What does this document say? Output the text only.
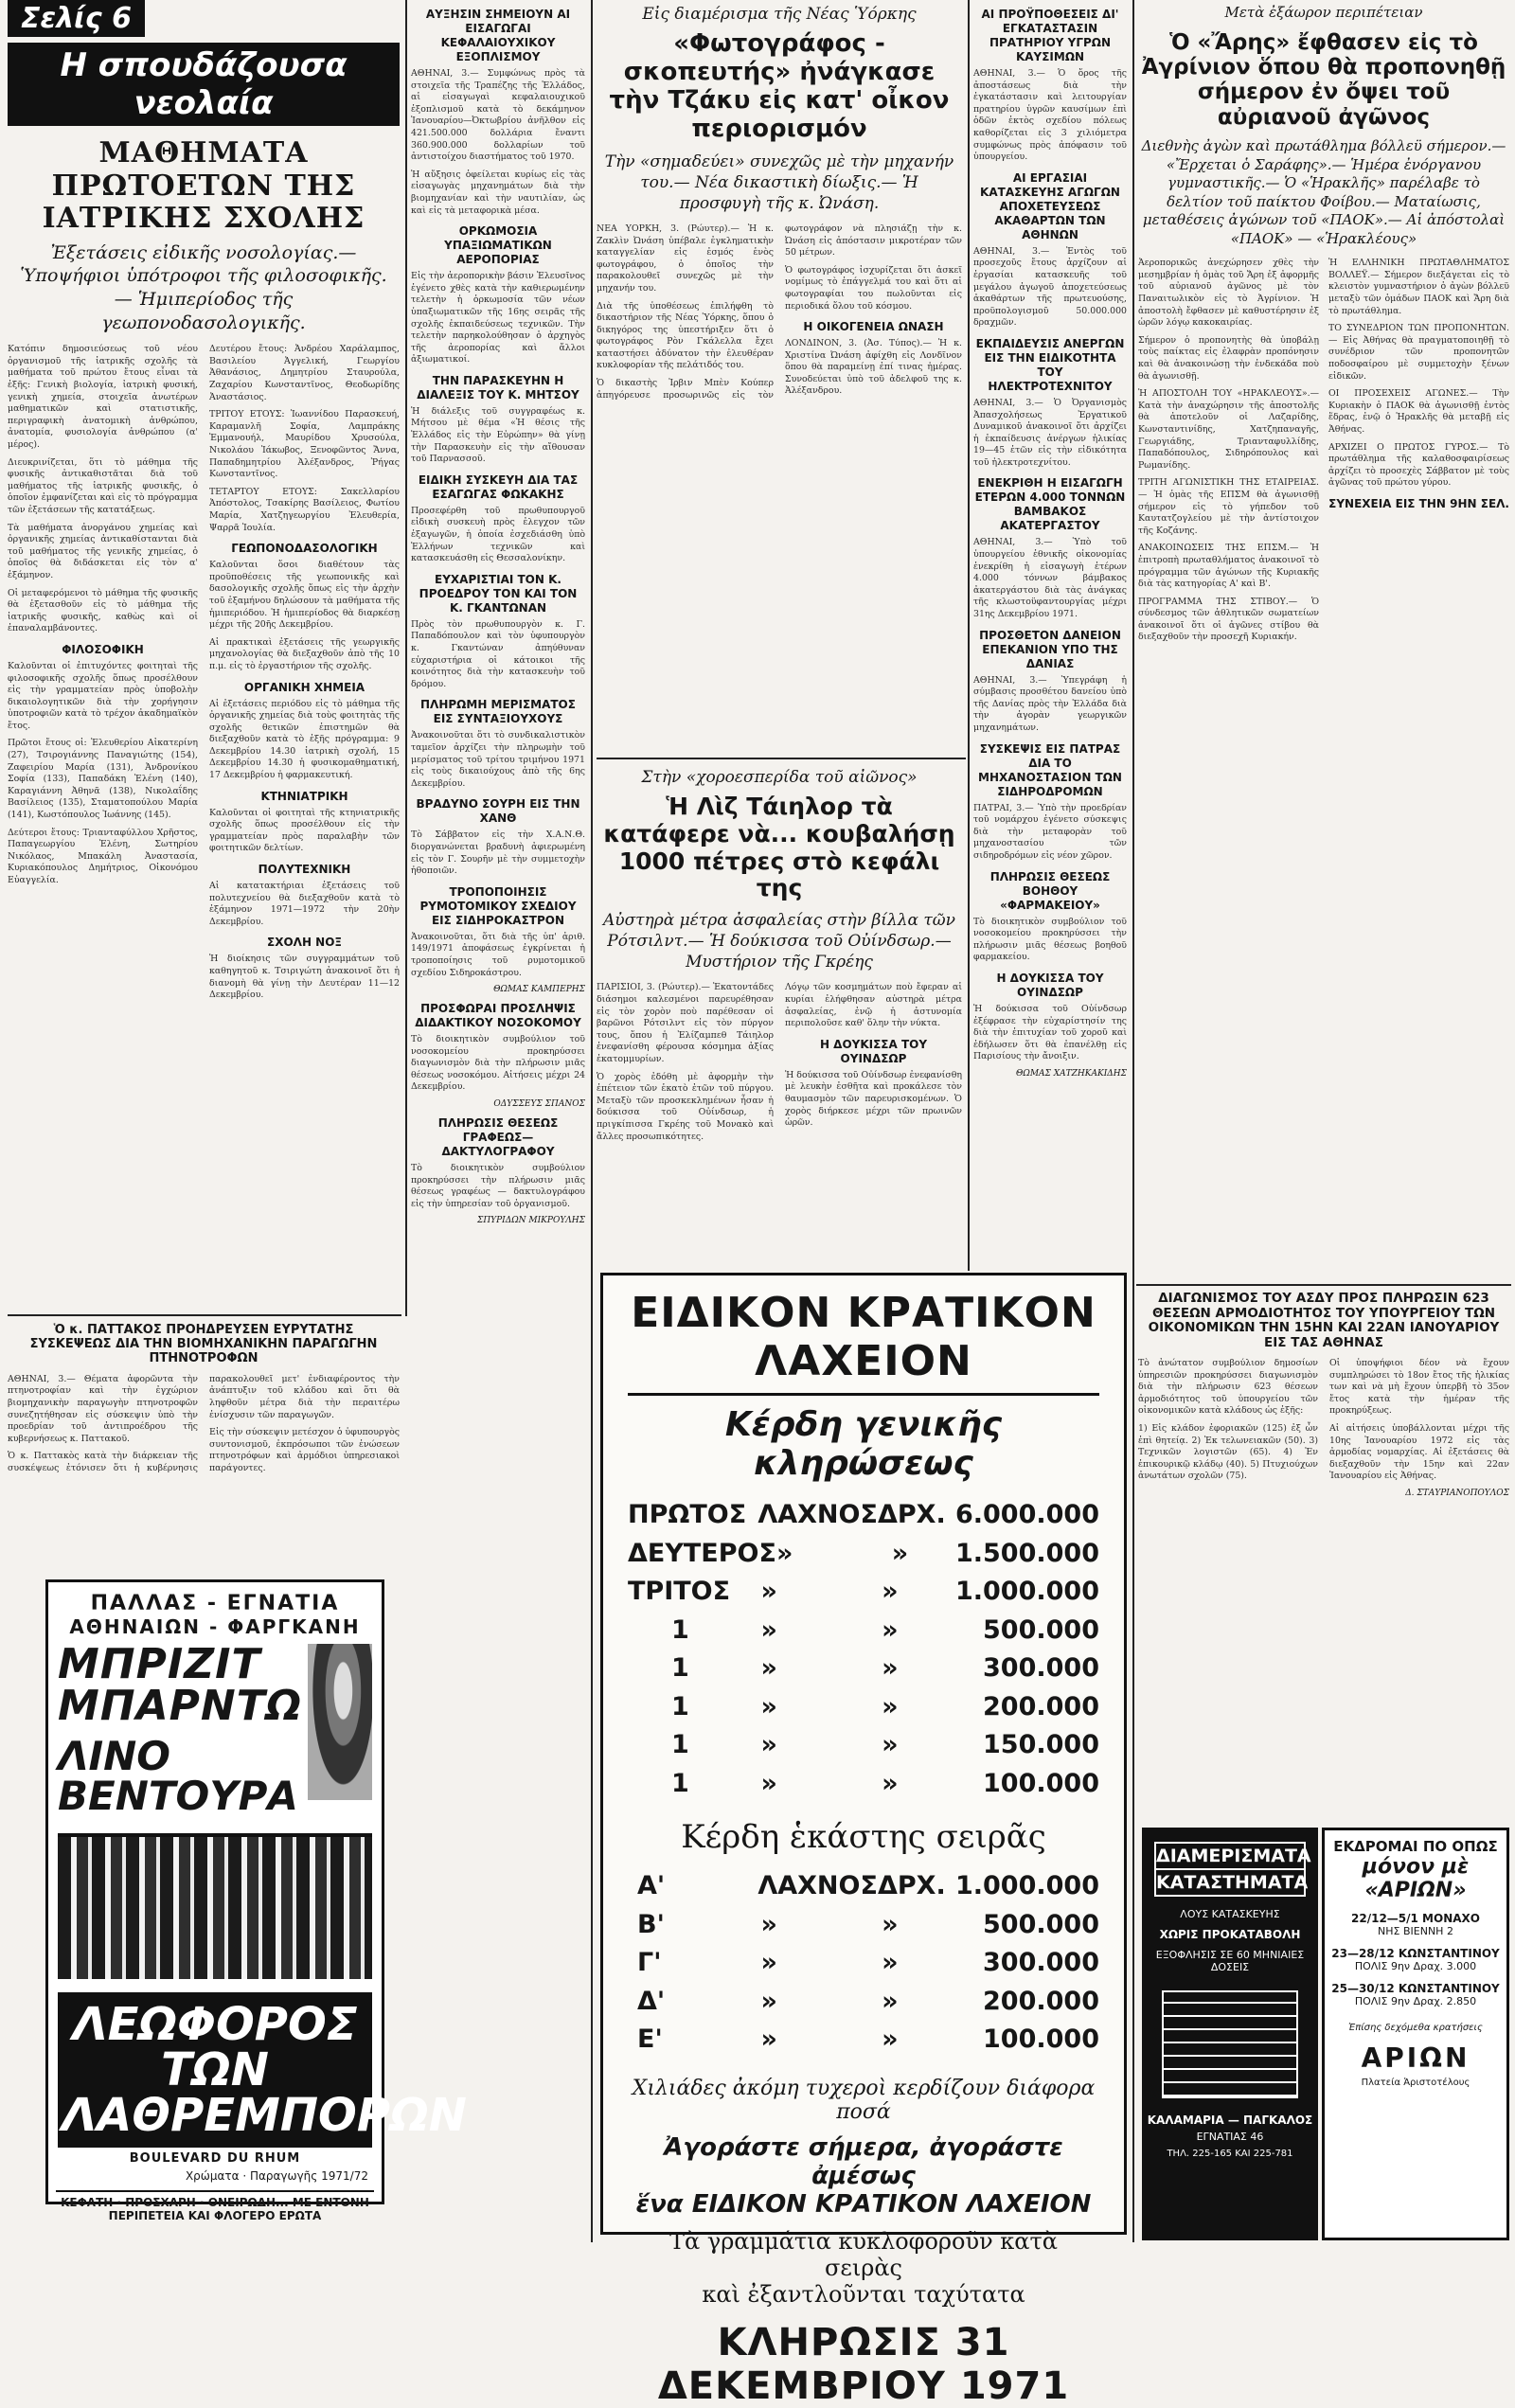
Σελίς 6
Η σπουδάζουσα νεολαία
ΜΑΘΗΜΑΤΑ ΠΡΩΤΟΕΤΩΝ ΤΗΣ ΙΑΤΡΙΚΗΣ ΣΧΟΛΗΣ
Ἐξετάσεις εἰδικῆς νοσολογίας.— Ὑποψήφιοι ὑπότροφοι τῆς φιλοσοφικῆς.— Ἡμιπερίοδος τῆς γεωπονοδασολογικῆς.

Κατόπιν δημοσιεύσεως τοῦ νέου ὀργανισμοῦ τῆς ἰατρικῆς σχολῆς τὰ μαθήματα τοῦ πρώτου ἔτους εἶναι τὰ ἑξῆς: Γενικὴ βιολογία, ἰατρικὴ φυσική, γενικὴ χημεία, στοιχεῖα ἀνωτέρων μαθηματικῶν καὶ στατιστικῆς, περιγραφικὴ ἀνατομικὴ ἀνθρώπου, ἀνατομία, φυσιολογία ἀνθρώπου (α' μέρος).

Διευκρινίζεται, ὅτι τὸ μάθημα τῆς φυσικῆς ἀντικαθιστᾶται διὰ τοῦ μαθήματος τῆς ἰατρικῆς φυσικῆς, ὁ ὁποῖον ἐμφανίζεται καὶ εἰς τὸ πρόγραμμα τῶν ἐξετάσεων τῆς κατατάξεως.

Τὰ μαθήματα ἀνοργάνου χημείας καὶ ὀργανικῆς χημείας ἀντικαθίστανται διὰ τοῦ μαθήματος τῆς γενικῆς χημείας, ὁ ὁποῖος θὰ διδάσκεται εἰς τὸν α' ἑξάμηνον.

Οἱ μεταφερόμενοι τὸ μάθημα τῆς φυσικῆς θὰ ἐξετασθοῦν εἰς τὸ μάθημα τῆς ἰατρικῆς φυσικῆς, καθὼς καὶ οἱ ἐπαναλαμβάνοντες.

ΦΙΛΟΣΟΦΙΚΗ

Καλοῦνται οἱ ἐπιτυχόντες φοιτηταὶ τῆς φιλοσοφικῆς σχολῆς ὅπως προσέλθουν εἰς τὴν γραμματείαν πρὸς ὑποβολὴν δικαιολογητικῶν διὰ τὴν χορήγησιν ὑποτροφιῶν κατὰ τὸ τρέχον ἀκαδημαϊκὸν ἔτος.

Πρῶτοι ἔτους οἱ: Ἐλευθερίου Αἰκατερίνη (27), Τσιρογιάννης Παναγιώτης (154), Ζαφειρίου Μαρία (131), Ἀνδρονίκου Σοφία (133), Παπαδάκη Ἐλένη (140), Καραγιάννη Ἀθηνᾶ (138), Νικολαΐδης Βασίλειος (135), Σταματοπούλου Μαρία (141), Κωστόπουλος Ἰωάννης (145).

Δεύτεροι ἔτους: Τριανταφύλλου Χρῆστος, Παπαγεωργίου Ἑλένη, Σωτηρίου Νικόλαος, Μπακάλη Ἀναστασία, Κυριακόπουλος Δημήτριος, Οἰκονόμου Εὐαγγελία.

Δευτέρου ἔτους: Ἀνδρέου Χαράλαμπος, Βασιλείου Ἀγγελική, Γεωργίου Ἀθανάσιος, Δημητρίου Σταυρούλα, Ζαχαρίου Κωνσταντῖνος, Θεοδωρίδης Ἀναστάσιος.

ΤΡΙΤΟΥ ΕΤΟΥΣ: Ἰωαννίδου Παρασκευή, Καραμανλῆ Σοφία, Λαμπράκης Ἐμμανουήλ, Μαυρίδου Χρυσούλα, Νικολάου Ἰάκωβος, Ξενοφῶντος Ἄννα, Παπαδημητρίου Ἀλέξανδρος, Ῥήγας Κωνσταντῖνος.

ΤΕΤΑΡΤΟΥ ΕΤΟΥΣ: Σακελλαρίου Ἀπόστολος, Τσακίρης Βασίλειος, Φωτίου Μαρία, Χατζηγεωργίου Ἐλευθερία, Ψαρρᾶ Ἰουλία.

ΓΕΩΠΟΝΟΔΑΣΟΛΟΓΙΚΗ

Καλοῦνται ὅσοι διαθέτουν τὰς προϋποθέσεις τῆς γεωπονικῆς καὶ δασολογικῆς σχολῆς ὅπως εἰς τὴν ἀρχὴν τοῦ ἑξαμήνου δηλώσουν τὰ μαθήματα τῆς ἡμιπεριόδου. Ἡ ἡμιπερίοδος θὰ διαρκέσῃ μέχρι τῆς 20ῆς Δεκεμβρίου.

Αἱ πρακτικαὶ ἐξετάσεις τῆς γεωργικῆς μηχανολογίας θὰ διεξαχθοῦν ἀπὸ τῆς 10 π.μ. εἰς τὸ ἐργαστήριον τῆς σχολῆς.

ΟΡΓΑΝΙΚΗ ΧΗΜΕΙΑ

Αἱ ἐξετάσεις περιόδου εἰς τὸ μάθημα τῆς ὀργανικῆς χημείας διὰ τοὺς φοιτητὰς τῆς σχολῆς θετικῶν ἐπιστημῶν θὰ διεξαχθοῦν κατὰ τὸ ἑξῆς πρόγραμμα: 9 Δεκεμβρίου 14.30 ἰατρικὴ σχολή, 15 Δεκεμβρίου 14.30 ἡ φυσικομαθηματική, 17 Δεκεμβρίου ἡ φαρμακευτική.

ΚΤΗΝΙΑΤΡΙΚΗ

Καλοῦνται οἱ φοιτηταὶ τῆς κτηνιατρικῆς σχολῆς ὅπως προσέλθουν εἰς τὴν γραμματείαν πρὸς παραλαβὴν τῶν φοιτητικῶν δελτίων.

ΠΟΛΥΤΕΧΝΙΚΗ

Αἱ κατατακτήριαι ἐξετάσεις τοῦ πολυτεχνείου θὰ διεξαχθοῦν κατὰ τὸ ἑξάμηνον 1971—1972 τὴν 20ὴν Δεκεμβρίου.

ΣΧΟΛΗ ΝΟΞ

Ἡ διοίκησις τῶν συγγραμμάτων τοῦ καθηγητοῦ κ. Τσιριγώτη ἀνακοινοῖ ὅτι ἡ διανομὴ θὰ γίνῃ τὴν Δευτέραν 11—12 Δεκεμβρίου.

Ὁ κ. ΠΑΤΤΑΚΟΣ ΠΡΟΗΔΡΕΥΣΕΝ ΕΥΡΥΤΑΤΗΣ ΣΥΣΚΕΨΕΩΣ ΔΙΑ ΤΗΝ ΒΙΟΜΗΧΑΝΙΚΗΝ ΠΑΡΑΓΩΓΗΝ ΠΤΗΝΟΤΡΟΦΩΝ

ΑΘΗΝΑΙ, 3.— Θέματα ἀφορῶντα τὴν πτηνοτροφίαν καὶ τὴν ἐγχώριον βιομηχανικὴν παραγωγὴν πτηνοτροφῶν συνεζητήθησαν εἰς σύσκεψιν ὑπὸ τὴν προεδρίαν τοῦ ἀντιπροέδρου τῆς κυβερνήσεως κ. Παττακοῦ.

Ὁ κ. Παττακὸς κατὰ τὴν διάρκειαν τῆς συσκέψεως ἐτόνισεν ὅτι ἡ κυβέρνησις παρακολουθεῖ μετ' ἐνδιαφέροντος τὴν ἀνάπτυξιν τοῦ κλάδου καὶ ὅτι θὰ ληφθοῦν μέτρα διὰ τὴν περαιτέρω ἐνίσχυσιν τῶν παραγωγῶν.

Εἰς τὴν σύσκεψιν μετέσχον ὁ ὑφυπουργὸς συντονισμοῦ, ἐκπρόσωποι τῶν ἐνώσεων πτηνοτρόφων καὶ ἀρμόδιοι ὑπηρεσιακοὶ παράγοντες.

ΠΑΛΛΑΣ - ΕΓΝΑΤΙΑ
ΑΘΗΝΑΙΩΝ - ΦΑΡΓΚΑΝΗ
ΜΠΡΙΖΙΤ ΜΠΑΡΝΤΩ
ΛΙΝΟ ΒΕΝΤΟΥΡΑ
ΛΕΩΦΟΡΟΣ ΤΩΝ ΛΑΘΡΕΜΠΟΡΩΝ
BOULEVARD DU RHUM
Χρώματα · Παραγωγῆς 1971/72
ΚΕΦΑΤΗ · ΠΡΟΣΧΑΡΗ · ΟΝΕΙΡΩΔΗ... ΜΕ ΕΝΤΟΝΗ ΠΕΡΙΠΕΤΕΙΑ ΚΑΙ ΦΛΟΓΕΡΟ ΕΡΩΤΑ
ΑΥΞΗΣΙΝ ΣΗΜΕΙΟΥΝ ΑΙ ΕΙΣΑΓΩΓΑΙ ΚΕΦΑΛΑΙΟΥΧΙΚΟΥ ΕΞΟΠΛΙΣΜΟΥ

ΑΘΗΝΑΙ, 3.— Συμφώνως πρὸς τὰ στοιχεῖα τῆς Τραπέζης τῆς Ἑλλάδος, αἱ εἰσαγωγαὶ κεφαλαιουχικοῦ ἐξοπλισμοῦ κατὰ τὸ δεκάμηνον Ἰανουαρίου—Ὀκτωβρίου ἀνῆλθον εἰς 421.500.000 δολλάρια ἔναντι 360.900.000 δολλαρίων τοῦ ἀντιστοίχου διαστήματος τοῦ 1970.

Ἡ αὔξησις ὀφείλεται κυρίως εἰς τὰς εἰσαγωγὰς μηχανημάτων διὰ τὴν βιομηχανίαν καὶ τὴν ναυτιλίαν, ὡς καὶ εἰς τὰ μεταφορικὰ μέσα.

ΟΡΚΩΜΟΣΙΑ ΥΠΑΞΙΩΜΑΤΙΚΩΝ ΑΕΡΟΠΟΡΙΑΣ

Εἰς τὴν ἀεροπορικὴν βάσιν Ἐλευσῖνος ἐγένετο χθὲς κατὰ τὴν καθιερωμένην τελετὴν ἡ ὁρκωμοσία τῶν νέων ὑπαξιωματικῶν τῆς 16ης σειρᾶς τῆς σχολῆς ἐκπαιδεύσεως τεχνικῶν. Τὴν τελετὴν παρηκολούθησαν ὁ ἀρχηγὸς τῆς ἀεροπορίας καὶ ἄλλοι ἀξιωματικοί.

ΤΗΝ ΠΑΡΑΣΚΕΥΗΝ Η ΔΙΑΛΕΞΙΣ ΤΟΥ Κ. ΜΗΤΣΟΥ

Ἡ διάλεξις τοῦ συγγραφέως κ. Μήτσου μὲ θέμα «Ἡ θέσις τῆς Ἑλλάδος εἰς τὴν Εὐρώπην» θὰ γίνῃ τὴν Παρασκευὴν εἰς τὴν αἴθουσαν τοῦ Παρνασσοῦ.

ΕΙΔΙΚΗ ΣΥΣΚΕΥΗ ΔΙΑ ΤΑΣ ΕΣΑΓΩΓΑΣ ΦΩΚΑΚΗΣ

Προσεφέρθη τοῦ πρωθυπουργοῦ εἰδικὴ συσκευὴ πρὸς ἐλεγχον τῶν ἐξαγωγῶν, ἡ ὁποία ἐσχεδιάσθη ὑπὸ Ἑλλήνων τεχνικῶν καὶ κατασκευάσθη εἰς Θεσσαλονίκην.

ΕΥΧΑΡΙΣΤΙΑΙ ΤΟΝ Κ. ΠΡΟΕΔΡΟΥ ΤΟΝ ΚΑΙ ΤΟΝ Κ. ΓΚΑΝΤΩΝΑΝ

Πρὸς τὸν πρωθυπουργὸν κ. Γ. Παπαδόπουλον καὶ τὸν ὑφυπουργὸν κ. Γκαντώναν ἀπηύθυναν εὐχαριστήρια οἱ κάτοικοι τῆς κοινότητος διὰ τὴν κατασκευὴν τοῦ δρόμου.

ΠΛΗΡΩΜΗ ΜΕΡΙΣΜΑΤΟΣ ΕΙΣ ΣΥΝΤΑΞΙΟΥΧΟΥΣ

Ἀνακοινοῦται ὅτι τὸ συνδικαλιστικὸν ταμεῖον ἀρχίζει τὴν πληρωμὴν τοῦ μερίσματος τοῦ τρίτου τριμήνου 1971 εἰς τοὺς δικαιούχους ἀπὸ τῆς 6ης Δεκεμβρίου.

ΒΡΑΔΥΝΟ ΣΟΥΡΗ ΕΙΣ ΤΗΝ ΧΑΝΘ

Τὸ Σάββατον εἰς τὴν Χ.Α.Ν.Θ. διοργανώνεται βραδυνὴ ἀφιερωμένη εἰς τὸν Γ. Σουρῆν μὲ τὴν συμμετοχὴν ἠθοποιῶν.

ΤΡΟΠΟΠΟΙΗΣΙΣ ΡΥΜΟΤΟΜΙΚΟΥ ΣΧΕΔΙΟΥ ΕΙΣ ΣΙΔΗΡΟΚΑΣΤΡΟΝ

Ἀνακοινοῦται, ὅτι διὰ τῆς ὑπ' ἀριθ. 149/1971 ἀποφάσεως ἐγκρίνεται ἡ τροποποίησις τοῦ ρυμοτομικοῦ σχεδίου Σιδηροκάστρου.

ΘΩΜΑΣ ΚΑΜΠΕΡΗΣ

ΠΡΟΣΦΩΡΑΙ ΠΡΟΣΛΗΨΙΣ ΔΙΔΑΚΤΙΚΟΥ ΝΟΣΟΚΟΜΟΥ

Τὸ διοικητικὸν συμβούλιον τοῦ νοσοκομείου προκηρύσσει διαγωνισμὸν διὰ τὴν πλήρωσιν μιᾶς θέσεως νοσοκόμου. Αἰτήσεις μέχρι 24 Δεκεμβρίου.

ΟΔΥΣΣΕΥΣ ΣΠΑΝΟΣ

ΠΛΗΡΩΣΙΣ ΘΕΣΕΩΣ ΓΡΑΦΕΩΣ—ΔΑΚΤΥΛΟΓΡΑΦΟΥ

Τὸ διοικητικὸν συμβούλιον προκηρύσσει τὴν πλήρωσιν μιᾶς θέσεως γραφέως — δακτυλογράφου εἰς τὴν ὑπηρεσίαν τοῦ ὀργανισμοῦ.

ΣΠΥΡΙΔΩΝ ΜΙΚΡΟΥΛΗΣ

Εἰς διαμέρισμα τῆς Νέας Ὑόρκης
«Φωτογράφος - σκοπευτής» ἠνάγκασε τὴν Τζάκυ εἰς κατ' οἶκον περιορισμόν
Τὴν «σημαδεύει» συνεχῶς μὲ τὴν μηχανήν του.— Νέα δικαστικὴ δίωξις.— Ἡ προσφυγὴ τῆς κ. Ὠνάση.

ΝΕΑ ΥΟΡΚΗ, 3. (Ρώυτερ).— Ἡ κ. Ζακλὶν Ὠνάση ὑπέβαλε ἐγκληματικὴν καταγγελίαν εἰς ἐσμός ἑνὸς φωτογράφου, ὁ ὁποῖος τὴν παρακολουθεῖ συνεχῶς μὲ τὴν μηχανήν του.

Διὰ τῆς ὑποθέσεως ἐπιλήφθη τὸ δικαστήριον τῆς Νέας Ὑόρκης, ὅπου ὁ δικηγόρος της ὑπεστήριξεν ὅτι ὁ φωτογράφος Ρὸν Γκάλελλα ἔχει καταστήσει ἀδύνατον τὴν ἐλευθέραν κυκλοφορίαν τῆς πελάτιδός του.

Ὁ δικαστὴς Ἰρβιν Μπὲν Κούπερ ἀπηγόρευσε προσωρινῶς εἰς τὸν φωτογράφον νὰ πλησιάζῃ τὴν κ. Ὠνάση εἰς ἀπόστασιν μικροτέραν τῶν 50 μέτρων.

Ὁ φωτογράφος ἰσχυρίζεται ὅτι ἀσκεῖ νομίμως τὸ ἐπάγγελμά του καὶ ὅτι αἱ φωτογραφίαι του πωλοῦνται εἰς περιοδικά ὅλου τοῦ κόσμου.

Η ΟΙΚΟΓΕΝΕΙΑ ΩΝΑΣΗ

ΛΟΝΔΙΝΟΝ, 3. (Ἀσ. Τύπος).— Ἡ κ. Χριστίνα Ὠνάση ἀφίχθη εἰς Λονδῖνον ὅπου θὰ παραμείνῃ ἐπί τινας ἡμέρας. Συνοδεύεται ὑπὸ τοῦ ἀδελφοῦ της κ. Ἀλέξανδρου.

Στὴν «χοροεσπερίδα τοῦ αἰῶνος»
Ἡ Λὶζ Τάιηλορ τὰ κατάφερε νὰ... κουβαλήσῃ 1000 πέτρες στὸ κεφάλι της
Αὐστηρὰ μέτρα ἀσφαλείας στὴν βίλλα τῶν Ρότσιλντ.— Ἡ δούκισσα τοῦ Οὐίνδσωρ.— Μυστήριον τῆς Γκρέης

ΠΑΡΙΣΙΟΙ, 3. (Ρώυτερ).— Ἐκατοντάδες διάσημοι καλεσμένοι παρευρέθησαν εἰς τὸν χορὸν ποὺ παρέθεσαν οἱ βαρῶνοι Ρότσιλντ εἰς τὸν πύργον τους, ὅπου ἡ Ἐλίζαμπεθ Τάιηλορ ἐνεφανίσθη φέρουσα κόσμημα ἀξίας ἑκατομμυρίων.

Ὁ χορὸς ἐδόθη μὲ ἀφορμὴν τὴν ἐπέτειον τῶν ἑκατὸ ἐτῶν τοῦ πύργου. Μεταξὺ τῶν προσκεκλημένων ἦσαν ἡ δούκισσα τοῦ Οὐίνδσωρ, ἡ πριγκίπισσα Γκρέης τοῦ Μονακὸ καὶ ἄλλες προσωπικότητες.

Λόγῳ τῶν κοσμημάτων ποὺ ἔφεραν αἱ κυρίαι ἐλήφθησαν αὐστηρὰ μέτρα ἀσφαλείας, ἐνῷ ἡ ἀστυνομία περιπολοῦσε καθ' ὅλην τὴν νύκτα.

Η ΔΟΥΚΙΣΣΑ ΤΟΥ ΟΥΙΝΔΣΩΡ

Ἡ δούκισσα τοῦ Οὐίνδσωρ ἐνεφανίσθη μὲ λευκὴν ἐσθῆτα καὶ προκάλεσε τὸν θαυμασμὸν τῶν παρευρισκομένων. Ὁ χορὸς διήρκεσε μέχρι τῶν πρωινῶν ὡρῶν.

ΑΙ ΠΡΟΫΠΟΘΕΣΕΙΣ ΔΙ' ΕΓΚΑΤΑΣΤΑΣΙΝ ΠΡΑΤΗΡΙΟΥ ΥΓΡΩΝ ΚΑΥΣΙΜΩΝ

ΑΘΗΝΑΙ, 3.— Ὁ ὅρος τῆς ἀποστάσεως διὰ τὴν ἐγκατάστασιν καὶ λειτουργίαν πρατηρίου ὑγρῶν καυσίμων ἐπὶ ὁδῶν ἐκτὸς σχεδίου πόλεως καθορίζεται εἰς 3 χιλιόμετρα συμφώνως πρὸς ἀπόφασιν τοῦ ὑπουργείου.

ΑΙ ΕΡΓΑΣΙΑΙ ΚΑΤΑΣΚΕΥΗΣ ΑΓΩΓΩΝ ΑΠΟΧΕΤΕΥΣΕΩΣ ΑΚΑΘΑΡΤΩΝ ΤΩΝ ΑΘΗΝΩΝ

ΑΘΗΝΑΙ, 3.— Ἐντὸς τοῦ προσεχοῦς ἔτους ἀρχίζουν αἱ ἐργασίαι κατασκευῆς τοῦ μεγάλου ἀγωγοῦ ἀποχετεύσεως ἀκαθάρτων τῆς πρωτευούσης, προϋπολογισμοῦ 50.000.000 δραχμῶν.

ΕΚΠΑΙΔΕΥΣΙΣ ΑΝΕΡΓΩΝ ΕΙΣ ΤΗΝ ΕΙΔΙΚΟΤΗΤΑ ΤΟΥ ΗΛΕΚΤΡΟΤΕΧΝΙΤΟΥ

ΑΘΗΝΑΙ, 3.— Ὁ Ὀργανισμὸς Ἀπασχολήσεως Ἐργατικοῦ Δυναμικοῦ ἀνακοινοῖ ὅτι ἀρχίζει ἡ ἐκπαίδευσις ἀνέργων ἡλικίας 19—45 ἐτῶν εἰς τὴν εἰδικότητα τοῦ ἠλεκτροτεχνίτου.

ΕΝΕΚΡΙΘΗ Η ΕΙΣΑΓΩΓΗ ΕΤΕΡΩΝ 4.000 ΤΟΝΝΩΝ ΒΑΜΒΑΚΟΣ ΑΚΑΤΕΡΓΑΣΤΟΥ

ΑΘΗΝΑΙ, 3.— Ὑπὸ τοῦ ὑπουργείου ἐθνικῆς οἰκονομίας ἐνεκρίθη ἡ εἰσαγωγὴ ἑτέρων 4.000 τόννων βάμβακος ἀκατεργάστου διὰ τὰς ἀνάγκας τῆς κλωστοϋφαντουργίας μέχρι 31ης Δεκεμβρίου 1971.

ΠΡΟΣΘΕΤΟΝ ΔΑΝΕΙΟΝ ΕΠΕΚΑΝΙΟΝ ΥΠΟ ΤΗΣ ΔΑΝΙΑΣ

ΑΘΗΝΑΙ, 3.— Ὑπεγράφη ἡ σύμβασις προσθέτου δανείου ὑπὸ τῆς Δανίας πρὸς τὴν Ἑλλάδα διὰ τὴν ἀγορὰν γεωργικῶν μηχανημάτων.

ΣΥΣΚΕΨΙΣ ΕΙΣ ΠΑΤΡΑΣ ΔΙΑ ΤΟ ΜΗΧΑΝΟΣΤΑΣΙΟΝ ΤΩΝ ΣΙΔΗΡΟΔΡΟΜΩΝ

ΠΑΤΡΑΙ, 3.— Ὑπὸ τὴν προεδρίαν τοῦ νομάρχου ἐγένετο σύσκεψις διὰ τὴν μεταφορὰν τοῦ μηχανοστασίου τῶν σιδηροδρόμων εἰς νέον χῶρον.

ΠΛΗΡΩΣΙΣ ΘΕΣΕΩΣ ΒΟΗΘΟΥ «ΦΑΡΜΑΚΕΙΟΥ»

Τὸ διοικητικὸν συμβούλιον τοῦ νοσοκομείου προκηρύσσει τὴν πλήρωσιν μιᾶς θέσεως βοηθοῦ φαρμακείου.

Η ΔΟΥΚΙΣΣΑ ΤΟΥ ΟΥΙΝΔΣΩΡ

Ἡ δούκισσα τοῦ Οὐίνδσωρ ἐξέφρασε τὴν εὐχαρίστησίν της διὰ τὴν ἐπιτυχίαν τοῦ χοροῦ καὶ ἐδήλωσεν ὅτι θὰ ἐπανέλθῃ εἰς Παρισίους τὴν ἄνοιξιν.

ΘΩΜΑΣ ΧΑΤΖΗΚΑΚΙΔΗΣ

ΕΙΔΙΚΟΝ ΚΡΑΤΙΚΟΝ ΛΑΧΕΙΟΝ
Κέρδη γενικῆς κληρώσεως
ΠΡΩΤΟΣ ΛΑΧΝΟΣ ΔΡΧ. 6.000.000
ΔΕΥΤΕΡΟΣ »	»	1.500.000
ΤΡΙΤΟΣ	»	»	1.000.000
1	»	»	500.000
1	»	»	300.000
1	»	»	200.000
1	»	»	150.000
1	»	»	100.000
Κέρδη ἑκάστης σειρᾶς
Α'	ΛΑΧΝΟΣ ΔΡΧ. 1.000.000
Β'	»	»	500.000
Γ'	»	»	300.000
Δ'	»	»	200.000
Ε'	»	»	100.000
Χιλιάδες ἀκόμη τυχεροὶ κερδίζουν διάφορα ποσά
Ἀγοράστε σήμερα, ἀγοράστε ἀμέσως
ἕνα ΕΙΔΙΚΟΝ ΚΡΑΤΙΚΟΝ ΛΑΧΕΙΟΝ
Τὰ γραμμάτια κυκλοφοροῦν κατὰ σειρὰς
καὶ ἐξαντλοῦνται ταχύτατα
ΚΛΗΡΩΣΙΣ 31 ΔΕΚΕΜΒΡΙΟΥ 1971
Μετὰ ἐξάωρον περιπέτειαν
Ὁ «Ἄρης» ἔφθασεν εἰς τὸ Ἀγρίνιον ὅπου θὰ προπονηθῇ σήμερον ἐν ὄψει τοῦ αὐριανοῦ ἀγῶνος
Διεθνὴς ἀγὼν καὶ πρωτάθλημα βόλλεϋ σήμερον.— «Ἔρχεται ὁ Σαράφης».— Ἡμέρα ἐνόργανου γυμναστικῆς.— Ὁ «Ἡρακλῆς» παρέλαβε τὸ δελτίον τοῦ παίκτου Φοίβου.— Ματαίωσις, μεταθέσεις ἀγώνων τοῦ «ΠΑΟΚ».— Αἱ ἀπόστολαὶ «ΠΑΟΚ» — «Ἡρακλέους»

Ἀεροπορικῶς ἀνεχώρησεν χθὲς τὴν μεσημβρίαν ἡ ὁμὰς τοῦ Ἄρη ἐξ ἀφορμῆς τοῦ αὐριανοῦ ἀγῶνος μὲ τὸν Παναιτωλικὸν εἰς τὸ Ἀγρίνιον. Ἡ ἀποστολὴ ἔφθασεν μὲ καθυστέρησιν ἐξ ὡρῶν λόγῳ κακοκαιρίας.

Σήμερον ὁ προπονητὴς θὰ ὑποβάλῃ τοὺς παίκτας εἰς ἐλαφρὰν προπόνησιν καὶ θὰ ἀνακοινώσῃ τὴν ἐνδεκάδα ποὺ θὰ ἀγωνισθῇ.

Ἡ ΑΠΟΣΤΟΛΗ ΤΟΥ «ΗΡΑΚΛΕΟΥΣ».— Κατὰ τὴν ἀναχώρησιν τῆς ἀποστολῆς θὰ ἀποτελοῦν οἱ Λαζαρίδης, Κωνσταντινίδης, Χατζηπαναγῆς, Γεωργιάδης, Τριανταφυλλίδης, Παπαδόπουλος, Σιδηρόπουλος καὶ Ρωμανίδης.

ΤΡΙΤΗ ΑΓΩΝΙΣΤΙΚΗ ΤΗΣ ΕΤΑΙΡΕΙΑΣ.— Ἡ ὁμὰς τῆς ΕΠΣΜ θὰ ἀγωνισθῇ σήμερον εἰς τὸ γήπεδον τοῦ Καυτατζογλείου μὲ τὴν ἀντίστοιχον τῆς Κοζάνης.

ΑΝΑΚΟΙΝΩΣΕΙΣ ΤΗΣ ΕΠΣΜ.— Ἡ ἐπιτροπὴ πρωταθλήματος ἀνακοινοῖ τὸ πρόγραμμα τῶν ἀγώνων τῆς Κυριακῆς διὰ τὰς κατηγορίας Α' καὶ Β'.

ΠΡΟΓΡΑΜΜΑ ΤΗΣ ΣΤΙΒΟΥ.— Ὁ σύνδεσμος τῶν ἀθλητικῶν σωματείων ἀνακοινοῖ ὅτι οἱ ἀγῶνες στίβου θὰ διεξαχθοῦν τὴν προσεχῆ Κυριακήν.

Ἡ ΕΛΛΗΝΙΚΗ ΠΡΩΤΑΘΛΗΜΑΤΟΣ ΒΟΛΛΕΫ.— Σήμερον διεξάγεται εἰς τὸ κλειστὸν γυμναστήριον ὁ ἀγὼν βόλλεϋ μεταξὺ τῶν ὁμάδων ΠΑΟΚ καὶ Ἄρη διὰ τὸ πρωτάθλημα.

ΤΟ ΣΥΝΕΔΡΙΟΝ ΤΩΝ ΠΡΟΠΟΝΗΤΩΝ.— Εἰς Ἀθήνας θὰ πραγματοποιηθῇ τὸ συνέδριον τῶν προπονητῶν ποδοσφαίρου μὲ συμμετοχὴν ξένων εἰδικῶν.

ΟΙ ΠΡΟΣΕΧΕΙΣ ΑΓΩΝΕΣ.— Τὴν Κυριακὴν ὁ ΠΑΟΚ θὰ ἀγωνισθῇ ἐντὸς ἕδρας, ἐνῷ ὁ Ἡρακλῆς θὰ μεταβῇ εἰς Ἀθήνας.

ΑΡΧΙΖΕΙ Ο ΠΡΩΤΟΣ ΓΥΡΟΣ.— Τὸ πρωτάθλημα τῆς καλαθοσφαιρίσεως ἀρχίζει τὸ προσεχὲς Σάββατον μὲ τοὺς ἀγῶνας τοῦ πρώτου γύρου.

ΣΥΝΕΧΕΙΑ ΕΙΣ ΤΗΝ 9ΗΝ ΣΕΛ.
ΔΙΑΓΩΝΙΣΜΟΣ ΤΟΥ ΑΣΔΥ ΠΡΟΣ ΠΛΗΡΩΣΙΝ 623 ΘΕΣΕΩΝ ΑΡΜΟΔΙΟΤΗΤΟΣ ΤΟΥ ΥΠΟΥΡΓΕΙΟΥ ΤΩΝ ΟΙΚΟΝΟΜΙΚΩΝ ΤΗΝ 15ΗΝ ΚΑΙ 22ΑΝ ΙΑΝΟΥΑΡΙΟΥ ΕΙΣ ΤΑΣ ΑΘΗΝΑΣ

Τὸ ἀνώτατον συμβούλιον δημοσίων ὑπηρεσιῶν προκηρύσσει διαγωνισμὸν διὰ τὴν πλήρωσιν 623 θέσεων ἀρμοδιότητος τοῦ ὑπουργείου τῶν οἰκονομικῶν κατὰ κλάδους ὡς ἑξῆς:

1) Εἰς κλάδον ἐφοριακῶν (125) ἐξ ὧν ἐπὶ θητείᾳ. 2) Ἐκ τελωνειακῶν (50). 3) Τεχνικῶν λογιστῶν (65). 4) Ἐν ἐπικουρικῷ κλάδῳ (40). 5) Πτυχιούχων ἀνωτάτων σχολῶν (75).

Οἱ ὑποψήφιοι δέον νὰ ἔχουν συμπληρώσει τὸ 18ον ἔτος τῆς ἡλικίας των καὶ νὰ μὴ ἔχουν ὑπερβῆ τὸ 35ον ἔτος κατὰ τὴν ἡμέραν τῆς προκηρύξεως.

Αἱ αἰτήσεις ὑποβάλλονται μέχρι τῆς 10ης Ἰανουαρίου 1972 εἰς τὰς ἀρμοδίας νομαρχίας. Αἱ ἐξετάσεις θὰ διεξαχθοῦν τὴν 15ην καὶ 22αν Ἰανουαρίου εἰς Ἀθήνας.

Δ. ΣΤΑΥΡΙΑΝΟΠΟΥΛΟΣ

ΔΙΑΜΕΡΙΣΜΑΤΑ
ΚΑΤΑΣΤΗΜΑΤΑ
ΛΟΥΣ ΚΑΤΑΣΚΕΥΗΣ
ΧΩΡΙΣ ΠΡΟΚΑΤΑΒΟΛΗ
ΕΞΟΦΛΗΣΙΣ ΣΕ 60 ΜΗΝΙΑΙΕΣ ΔΟΣΕΙΣ
ΚΑΛΑΜΑΡΙΑ — ΠΑΓΚΑΛΟΣ
ΕΓΝΑΤΙΑΣ 46
ΤΗΛ. 225-165 ΚΑΙ 225-781
ΕΚΔΡΟΜΑΙ ΠΟ ΟΠΩΣ
μόνον μὲ «ΑΡΙΩΝ»
22/12—5/1 ΜΟΝΑΧΟ
ΝΗΣ ΒΙΕΝΝΗ 2
23—28/12 ΚΩΝΣΤΑΝΤΙΝΟΥ
ΠΟΛΙΣ 9ην Δραχ. 3.000
25—30/12 ΚΩΝΣΤΑΝΤΙΝΟΥ
ΠΟΛΙΣ 9ην Δραχ. 2.850
Ἐπίσης δεχόμεθα κρατήσεις
ΑΡΙΩΝ
Πλατεία Ἀριστοτέλους
